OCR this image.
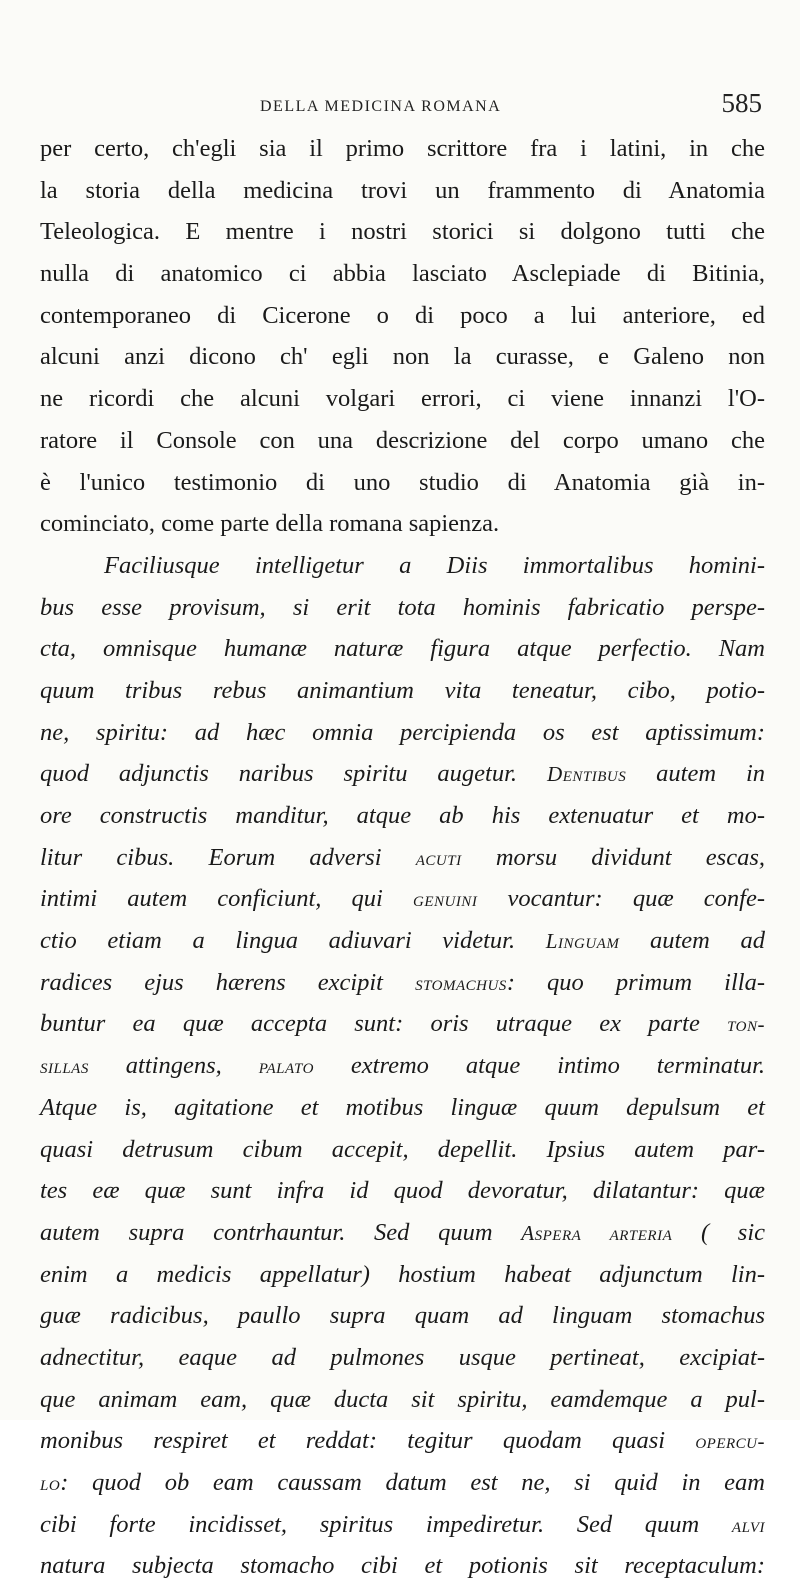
DELLA MEDICINA ROMANA	585
per certo, ch'egli sia il primo scrittore fra i latini, in che
la storia della medicina trovi un frammento di Anatomia
Teleologica. E mentre i nostri storici si dolgono tutti che
nulla di anatomico ci abbia lasciato Asclepiade di Bitinia,
contemporaneo di Cicerone o di poco a lui anteriore, ed
alcuni anzi dicono ch' egli non la curasse, e Galeno non
ne ricordi che alcuni volgari errori, ci viene innanzi l'O-
ratore il Console con una descrizione del corpo umano che
è l'unico testimonio di uno studio di Anatomia già in-
cominciato, come parte della romana sapienza.
Faciliusque intelligetur a Diis immortalibus homini-
bus esse provisum, si erit tota hominis fabricatio perspe-
cta, omnisque humanæ naturæ figura atque perfectio. Nam
quum tribus rebus animantium vita teneatur, cibo, potio-
ne, spiritu: ad hæc omnia percipienda os est aptissimum:
quod adjunctis naribus spiritu augetur. Dentibus autem in
ore constructis manditur, atque ab his extenuatur et mo-
litur cibus. Eorum adversi acuti morsu dividunt escas,
intimi autem conficiunt, qui genuini vocantur: quæ confe-
ctio etiam a lingua adiuvari videtur. Linguam autem ad
radices ejus hærens excipit stomachus: quo primum illa-
buntur ea quæ accepta sunt: oris utraque ex parte ton-
sillas attingens, palato extremo atque intimo terminatur.
Atque is, agitatione et motibus linguæ quum depulsum et
quasi detrusum cibum accepit, depellit. Ipsius autem par-
tes eæ quæ sunt infra id quod devoratur, dilatantur: quæ
autem supra contrhauntur. Sed quum Aspera arteria ( sic
enim a medicis appellatur) hostium habeat adjunctum lin-
guæ radicibus, paullo supra quam ad linguam stomachus
adnectitur, eaque ad pulmones usque pertineat, excipiat-
que animam eam, quæ ducta sit spiritu, eamdemque a pul-
monibus respiret et reddat: tegitur quodam quasi opercu-
lo: quod ob eam caussam datum est ne, si quid in eam
cibi forte incidisset, spiritus impediretur. Sed quum alvi
natura subjecta stomacho cibi et potionis sit receptaculum:
